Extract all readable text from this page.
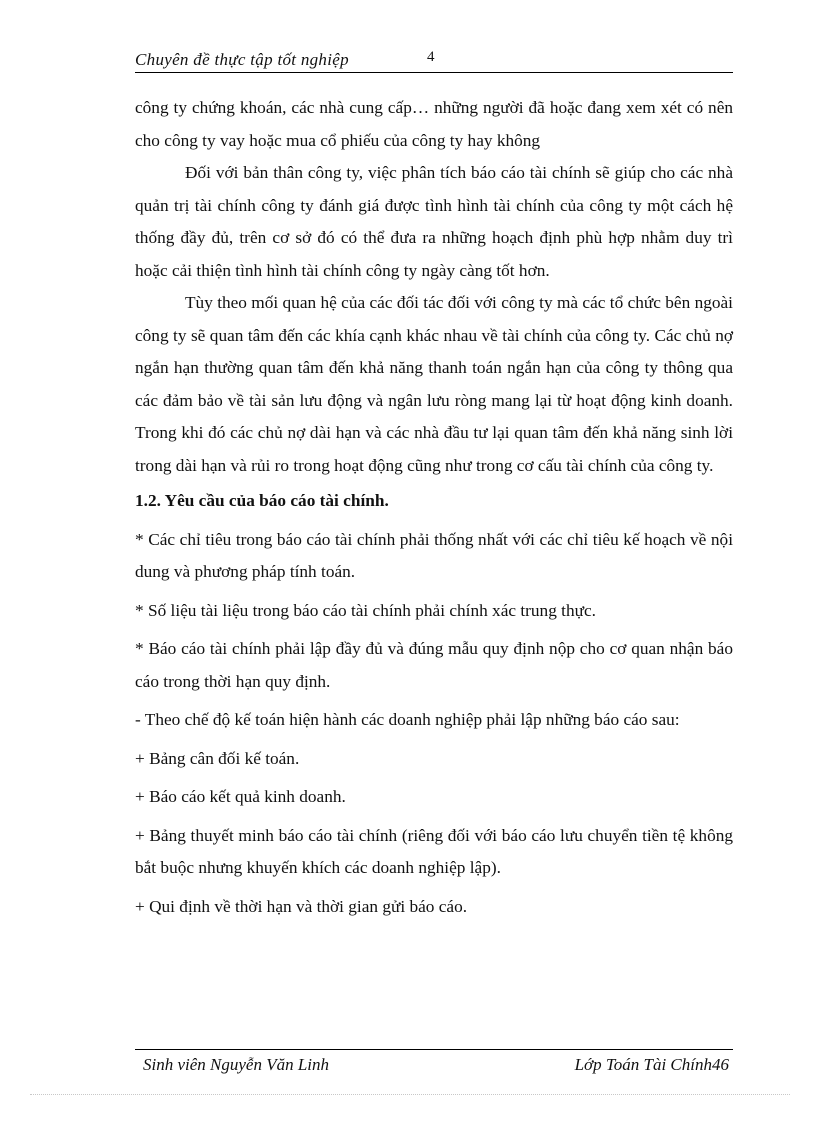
Chuyên đề thực tập tốt nghiệp	4

công ty chứng khoán, các nhà cung cấp… những người đã hoặc đang xem xét có nên cho công ty vay hoặc mua cổ phiếu của công ty hay không

Đối với bản thân công ty, việc phân tích báo cáo tài chính sẽ giúp cho các nhà quản trị tài chính công ty đánh giá được tình hình tài chính của công ty một cách hệ thống đầy đủ, trên cơ sở đó có thể đưa ra những hoạch định phù hợp nhằm duy trì hoặc cải thiện tình hình tài chính công ty ngày càng tốt hơn.

Tùy theo mối quan hệ của các đối tác đối với công ty mà các tổ chức bên ngoài công ty sẽ quan tâm đến các khía cạnh khác nhau về tài chính của công ty. Các chủ nợ ngắn hạn thường quan tâm đến khả năng thanh toán ngắn hạn của công ty thông qua các đảm bảo về tài sản lưu động và ngân lưu ròng mang lại từ hoạt động kinh doanh. Trong khi đó các chủ nợ dài hạn và các nhà đầu tư lại quan tâm đến khả năng sinh lời trong dài hạn và rủi ro trong hoạt động cũng như trong cơ cấu tài chính của công ty.

1.2. Yêu cầu của báo cáo tài chính.

* Các chỉ tiêu trong báo cáo tài chính phải thống nhất với các chỉ tiêu kế hoạch về nội dung và phương pháp tính toán.

* Số liệu tài liệu trong báo cáo tài chính phải chính xác trung thực.

* Báo cáo tài chính phải lập đầy đủ và đúng mẫu quy định nộp cho cơ quan nhận báo cáo trong thời hạn quy định.

- Theo chế độ kế toán hiện hành các doanh nghiệp phải lập những báo cáo sau:

+ Bảng cân đối kế toán.

+ Báo cáo kết quả kinh doanh.

+ Bảng thuyết minh báo cáo tài chính (riêng đối với báo cáo lưu chuyển tiền tệ không bắt buộc nhưng khuyến khích các doanh nghiệp lập).

+ Qui định về thời hạn và thời gian gửi báo cáo.

Sinh viên Nguyễn Văn Linh	Lớp Toán Tài Chính46
